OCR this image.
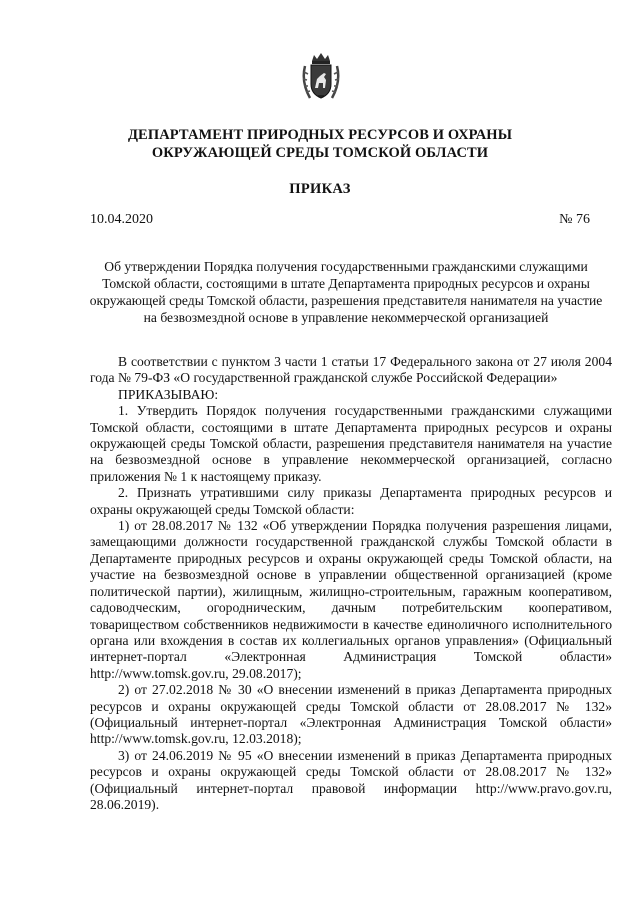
ДЕПАРТАМЕНТ ПРИРОДНЫХ РЕСУРСОВ И ОХРАНЫ
ОКРУЖАЮЩЕЙ СРЕДЫ ТОМСКОЙ ОБЛАСТИ
ПРИКАЗ
10.04.2020	№ 76
Об утверждении Порядка получения государственными гражданскими служащими Томской области, состоящими в штате Департамента природных ресурсов и охраны окружающей среды Томской области, разрешения представителя нанимателя на участие на безвозмездной основе в управление некоммерческой организацией

В соответствии с пунктом 3 части 1 статьи 17 Федерального закона от 27 июля 2004 года № 79-ФЗ «О государственной гражданской службе Российской Федерации»

ПРИКАЗЫВАЮ:

1. Утвердить Порядок получения государственными гражданскими служащими Томской области, состоящими в штате Департамента природных ресурсов и охраны окружающей среды Томской области, разрешения представителя нанимателя на участие на безвозмездной основе в управление некоммерческой организацией, согласно приложения № 1 к настоящему приказу.

2. Признать утратившими силу приказы Департамента природных ресурсов и охраны окружающей среды Томской области:

1) от 28.08.2017 № 132 «Об утверждении Порядка получения разрешения лицами, замещающими должности государственной гражданской службы Томской области в Департаменте природных ресурсов и охраны окружающей среды Томской области, на участие на безвозмездной основе в управлении общественной организацией (кроме политической партии), жилищным, жилищно-строительным, гаражным кооперативом, садоводческим, огородническим, дачным потребительским кооперативом, товариществом собственников недвижимости в качестве единоличного исполнительного органа или вхождения в состав их коллегиальных органов управления» (Официальный интернет-портал «Электронная Администрация Томской области» http://www.tomsk.gov.ru, 29.08.2017);

2) от 27.02.2018 № 30 «О внесении изменений в приказ Департамента природных ресурсов и охраны окружающей среды Томской области от 28.08.2017 № 132» (Официальный интернет-портал «Электронная Администрация Томской области» http://www.tomsk.gov.ru, 12.03.2018);

3) от 24.06.2019 № 95 «О внесении изменений в приказ Департамента природных ресурсов и охраны окружающей среды Томской области от 28.08.2017 № 132» (Официальный интернет-портал правовой информации http://www.pravo.gov.ru, 28.06.2019).
